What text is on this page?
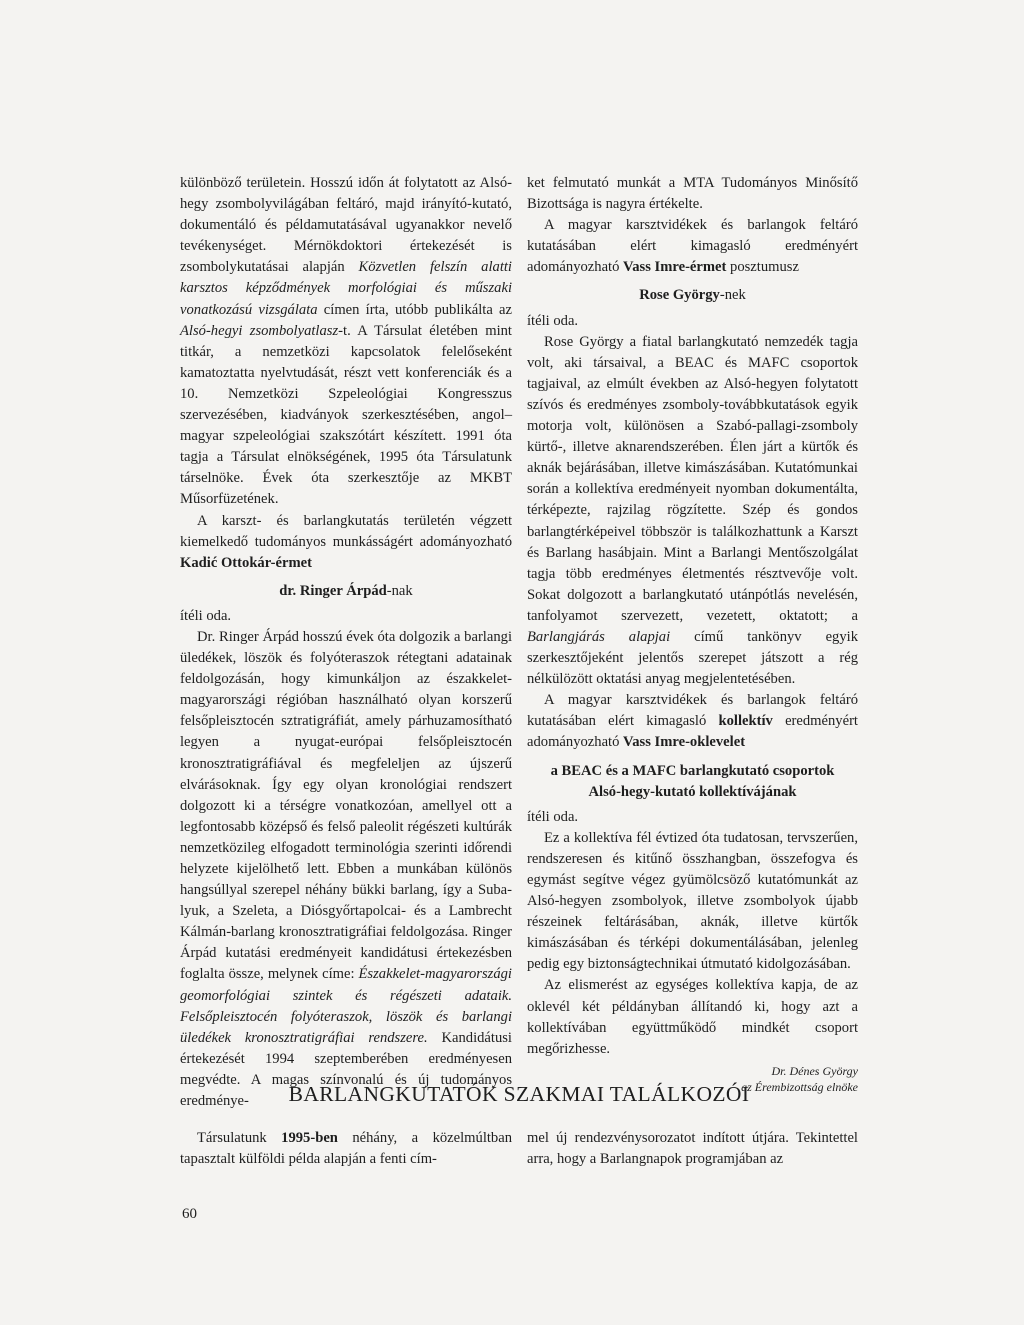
különböző területein. Hosszú időn át folytatott az Alsó-hegy zsombolyvilágában feltáró, majd irányító-kutató, dokumentáló és példamutatásával ugyanakkor nevelő tevékenységet. Mérnökdoktori értekezését is zsombolykutatásai alapján Közvetlen felszín alatti karsztos képződmények morfológiai és műszaki vonatkozású vizsgálata címen írta, utóbb publikálta az Alsó-hegyi zsombolyatlasz-t. A Társulat életében mint titkár, a nemzetközi kapcsolatok felelőseként kamatoztatta nyelvtudását, részt vett konferenciák és a 10. Nemzetközi Szpeleológiai Kongresszus szervezésében, kiadványok szerkesztésében, angol–magyar szpeleológiai szakszótárt készített. 1991 óta tagja a Társulat elnökségének, 1995 óta Társulatunk társelnöke. Évek óta szerkesztője az MKBT Műsorfüzetének.

A karszt- és barlangkutatás területén végzett kiemelkedő tudományos munkásságért adományozható Kadić Ottokár-érmet

dr. Ringer Árpád-nak

ítéli oda.

Dr. Ringer Árpád hosszú évek óta dolgozik a barlangi üledékek, löszök és folyóteraszok rétegtani adatainak feldolgozásán, hogy kimunkáljon az északkelet-magyarországi régióban használható olyan korszerű felsőpleisztocén sztratigráfiát, amely párhuzamosítható legyen a nyugat-európai felsőpleisztocén kronosztratigráfiával és megfeleljen az újszerű elvárásoknak. Így egy olyan kronológiai rendszert dolgozott ki a térségre vonatkozóan, amellyel ott a legfontosabb középső és felső paleolit régészeti kultúrák nemzetközileg elfogadott terminológia szerinti időrendi helyzete kijelölhető lett. Ebben a munkában különös hangsúllyal szerepel néhány bükki barlang, így a Suba-lyuk, a Szeleta, a Diósgyőrtapolcai- és a Lambrecht Kálmán-barlang kronosztratigráfiai feldolgozása. Ringer Árpád kutatási eredményeit kandidátusi értekezésben foglalta össze, melynek címe: Északkelet-magyarországi geomorfológiai szintek és régészeti adataik. Felsőpleisztocén folyóteraszok, löszök és barlangi üledékek kronosztratigráfiai rendszere. Kandidátusi értekezését 1994 szeptemberében eredményesen megvédte. A magas színvonalú és új tudományos eredménye-

ket felmutató munkát a MTA Tudományos Minősítő Bizottsága is nagyra értékelte.

A magyar karsztvidékek és barlangok feltáró kutatásában elért kimagasló eredményért adományozható Vass Imre-érmet posztumusz

Rose György-nek

ítéli oda.

Rose György a fiatal barlangkutató nemzedék tagja volt, aki társaival, a BEAC és MAFC csoportok tagjaival, az elmúlt években az Alsó-hegyen folytatott szívós és eredményes zsomboly-továbbkutatások egyik motorja volt, különösen a Szabó-pallagi-zsomboly kürtő-, illetve aknarendszerében. Élen járt a kürtők és aknák bejárásában, illetve kimászásában. Kutatómunkai során a kollektíva eredményeit nyomban dokumentálta, térképezte, rajzilag rögzítette. Szép és gondos barlangtérképeivel többször is találkozhattunk a Karszt és Barlang hasábjain. Mint a Barlangi Mentőszolgálat tagja több eredményes életmentés résztvevője volt. Sokat dolgozott a barlangkutató utánpótlás nevelésén, tanfolyamot szervezett, vezetett, oktatott; a Barlangjárás alapjai című tankönyv egyik szerkesztőjeként jelentős szerepet játszott a rég nélkülözött oktatási anyag megjelentetésében.

A magyar karsztvidékek és barlangok feltáró kutatásában elért kimagasló kollektív eredményért adományozható Vass Imre-oklevelet

a BEAC és a MAFC barlangkutató csoportok
Alsó-hegy-kutató kollektívájának

ítéli oda.

Ez a kollektíva fél évtized óta tudatosan, tervszerűen, rendszeresen és kitűnő összhangban, összefogva és egymást segítve végez gyümölcsöző kutatómunkát az Alsó-hegyen zsombolyok, illetve zsombolyok újabb részeinek feltárásában, aknák, illetve kürtők kimászásában és térképi dokumentálásában, jelenleg pedig egy biztonságtechnikai útmutató kidolgozásában.

Az elismerést az egységes kollektíva kapja, de az oklevél két példányban állítandó ki, hogy azt a kollektívában együttműködő mindkét csoport megőrizhesse.

Dr. Dénes György
az Érembizottság elnöke
BARLANGKUTATÓK SZAKMAI TALÁLKOZÓI

Társulatunk 1995-ben néhány, a közelmúltban tapasztalt külföldi példa alapján a fenti cím-

mel új rendezvénysorozatot indított útjára. Tekintettel arra, hogy a Barlangnapok programjában az

60
